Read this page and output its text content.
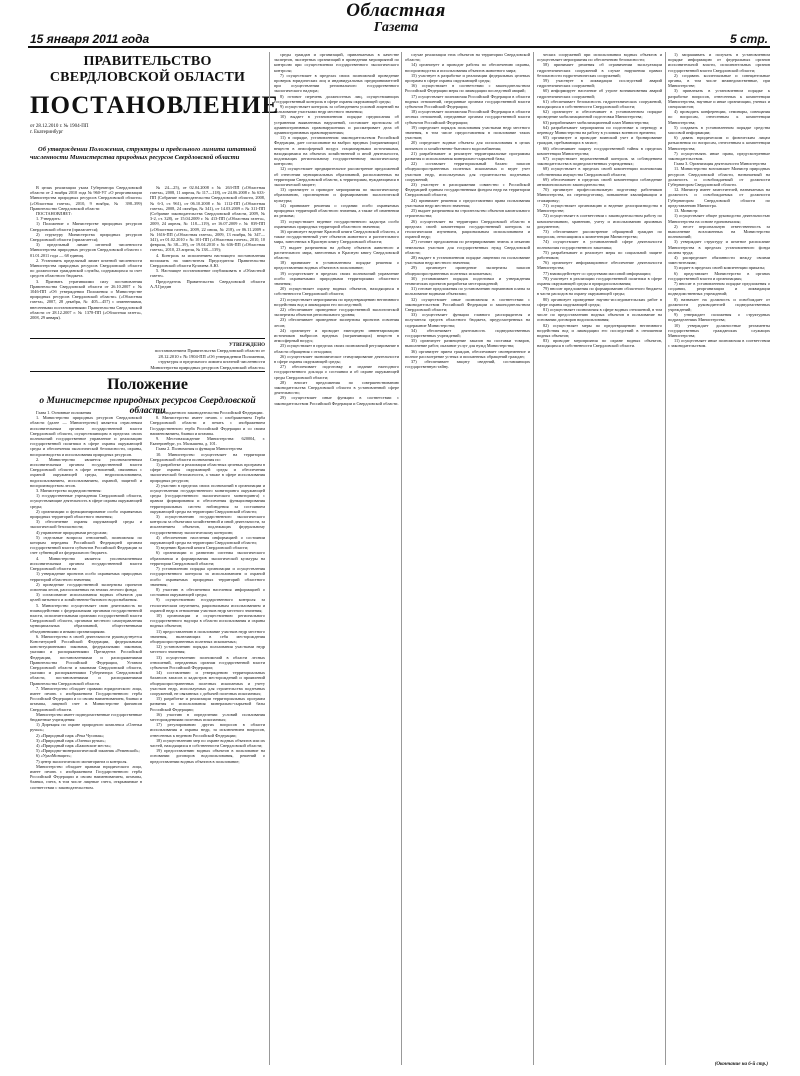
15 января 2011 года
Областная
Газета
5 стр.
ПРАВИТЕЛЬСТВО СВЕРДЛОВСКОЙ ОБЛАСТИ
ПОСТАНОВЛЕНИЕ
от 28.12.2010 г. № 1904-ПП
г. Екатеринбург
Об утверждении Положения, структуры и предельного лимита штатной численности Министерства природных ресурсов Свердловской области

В целях реализации указа Губернатора Свердловской области от 2 ноября 2010 года № 960-УГ «О реорганизации Министерства природных ресурсов Свердловской области» («Областная газета», 2010, 9 ноября, № 398–399) Правительство Свердловской области

ПОСТАНОВЛЯЕТ:

1. Утвердить:

1) Положение о Министерстве природных ресурсов Свердловской области (прилагается);

2) структуру Министерства природных ресурсов Свердловской области (прилагается);

3) предельный лимит штатной численности Министерства природных ресурсов Свердловской области с 01.01.2011 года — 68 единиц.

2. Установить предельный лимит штатной численности Министерства природных ресурсов Свердловской области по должностям гражданской службы, содержащихся за счет средств областного бюджета.

3. Признать утратившими силу постановления Правительства Свердловской области от 26.10.2007 г. № 1046-ПП «Об утверждении Положения о Министерстве природных ресурсов Свердловской области» («Областная газета», 2007, 28 декабря, № 405—457) с изменениями, внесенными постановлениями Правительства Свердловской области от 28.12.2007 г. № 1378-ПП («Областная газета», 2008, 29 января).

№ 24—25), от 02.04.2008 г. № 263-ПП («Областная газета», 2008, 11 апреля, № 117—118), от 24.06.2008 г. № 633-ПП (Собрание законодательства Свердловской области, 2008, № 6-3, ст. 961), от 06.10.2008 г. № 1112-ПП («Областная газета», 2008, 24 октября, № 341), от 14.03.2009 г. № 311-ПП (Собрание законодательства Свердловской области, 2009, № 3-2, ст. 328), от 15.04.2009 г. № 413-ПП («Областная газета», 2009, 24 апреля, № 118—119), от 16.07.2009 г. № 839-ПП («Областная газета», 2009, 22 июля, № 218), от 06.11.2009 г. № 1616-ПП («Областная газета», 2009, 13 ноября, № 347—341), от 01.02.2010 г. № 101-ПП («Областная газета», 2010, 10 февраля, № 38—39), от 19.04.2010 г. № 636-ПП («Областная газета», 2010, 23 апреля, № 138—139);

4. Контроль за исполнением настоящего постановления возложить на заместителя Председателя Правительства Свердловской области Кулачева А.Ю.

5. Настоящее постановление опубликовать в «Областной газете».

Председатель Правительства Свердловской области А.Л.Гредин

УТВЕРЖДЕНО
постановлением Правительства Свердловской области от 28.12.2010 г. № 1904-ПП «Об утверждении Положения, структуры и предельного лимита штатной численности Министерства природных ресурсов Свердловской области»
Положение
о Министерстве природных ресурсов Свердловской области

Глава 1. Основные положения

1. Министерство природных ресурсов Свердловской области (далее — Министерство) является отраслевым исполнительным органом государственной власти Свердловской области, осуществляющим в пределах своих полномочий государственное управление и реализацию государственной политики в сфере охраны окружающей среды и обеспечения экологической безопасности, охраны, воспроизводства и использования природных ресурсов.

2. Министерство является уполномоченным исполнительным органом государственной власти Свердловской области в сфере отношений, связанных с охраной окружающей среды, недропользованием, водопользованием, использованием, охраной, защитой и воспроизводством лесов.

3. Министерство подведомственны:

1) государственные учреждения Свердловской области, осуществляющие деятельность в сфере охраны окружающей среды;

2) организации и функционирование особо охраняемых природных территорий областного значения;

3) обеспечение охраны окружающей среды и экологической безопасности;

4) управление природными ресурсами;

5) отдельные вопросы отношений, полномочия по которым переданы Российской Федерацией органам государственной власти субъектов Российской Федерации за счет субвенций из федерального бюджета.

4. Министерство является уполномоченным исполнительным органом государственной власти Свердловской области на:

1) утверждение проектов особо охраняемых природных территорий областного значения;

2) проведение государственной экспертизы проектов освоения лесов, расположенных на землях лесного фонда;

3) согласование использования водных объектов для целей питьевого и хозяйственно-бытового водоснабжения.

5. Министерство осуществляет свою деятельность во взаимодействии с федеральными органами государственной власти, исполнительными органами государственной власти Свердловской области, органами местного самоуправления муниципальных образований, общественными объединениями и иными организациями.

6. Министерство в своей деятельности руководствуется Конституцией Российской Федерации, федеральными конституционными законами, федеральными законами, указами и распоряжениями Президента Российской Федерации, постановлениями и распоряжениями Правительства Российской Федерации, Уставом Свердловской области и законами Свердловской области, указами и распоряжениями Губернатора Свердловской области, постановлениями и распоряжениями Правительства Свердловской области.

7. Министерство обладает правами юридического лица, имеет печать с изображением Государственного герба Российской Федерации и со своим наименованием, бланки и штампы, лицевой счет в Министерстве финансов Свердловской области.

Министерство имеет подведомственные государственные бюджетные учреждения:

1) Дирекция по охране природного комплекса «Оленьи ручьи»;

2) «Природный парк «Река Чусовая»;

3) «Природный парк «Оленьи ручьи»;

4) «Природный парк «Бажовские места»;

5) «Природно-минералогический заказник «Режевской»;

6) «УралМонацит»;

7) центр экологического мониторинга и контроля.

Министерство обладает правами юридического лица, имеет печать с изображением Государственного герба Российской Федерации и своим наименованием, штампы, бланки, счета, в том числе лицевые счета, открываемые в соответствии с законодательством.

нии бюджетного законодательства Российской Федерации.

8. Министерство имеет печать с изображением Герба Свердловской области и печать с изображением Государственного герба Российской Федерации и со своим наименованием, бланки и штампы.

9. Местонахождение Министерства: 620004, г. Екатеринбург, ул. Малышева, д. 101.

Глава 2. Полномочия и функции Министерства

10. Министерство осуществляет на территории Свердловской области полномочия по:

1) разработке и реализации областных целевых программ в сфере охраны окружающей среды и обеспечения экологической безопасности, а также в сфере использования природных ресурсов;

2) участию в пределах своих полномочий в организации и осуществлении государственного мониторинга окружающей среды (государственного экологического мониторинга) с правом формирования и обеспечения функционирования территориальных систем наблюдения за состоянием окружающей среды на территории Свердловской области;

3) осуществлению государственного экологического контроля за объектами хозяйственной и иной деятельности, за исключением объектов, подлежащих федеральному государственному экологическому контролю;

4) обеспечению населения информацией о состоянии окружающей среды на территории Свердловской области;

5) ведению Красной книги Свердловской области;

6) организации и развитию системы экологического образования и формирования экологической культуры на территории Свердловской области;

7) установлению порядка организации и осуществления государственного контроля за использованием и охраной особо охраняемых природных территорий областного значения;

8) участию в обеспечении населения информацией о состоянии окружающей среды;

9) осуществлению государственного контроля за геологическим изучением, рациональным использованием и охраной недр в отношении участков недр местного значения;

10) организации и осуществлению регионального государственного надзора в области использования и охраны водных объектов;

11) предоставлению в пользование участков недр местного значения, включающих в себя месторождения общераспространенных полезных ископаемых;

12) установлению порядка пользования участками недр местного значения;

13) осуществлению полномочий в области лесных отношений, переданных органам государственной власти субъектов Российской Федерации;

14) составлению и утверждению территориальных балансов запасов и кадастров месторождений и проявлений общераспространенных полезных ископаемых и учету участков недр, используемых для строительства подземных сооружений, не связанных с добычей полезных ископаемых;

15) разработке и реализации территориальных программ развития и использования минерально-сырьевой базы Российской Федерации;

16) участию в определении условий пользования месторождениями полезных ископаемых;

17) регулированию других вопросов в области использования и охраны недр, за исключением вопросов, отнесенных к ведению Российской Федерации;

18) осуществлению мер по охране водных объектов или их частей, находящихся в собственности Свердловской области;

19) предоставлению водных объектов в пользование на основании договоров водопользования, решений о предоставлении водных объектов в пользование;

среды граждан и организаций, привлекаемых в качестве экспертов, экспертных организаций в проведении мероприятий по контролю при осуществлении государственного экологического контроля;

7) осуществляет в пределах своих полномочий проведение проверок юридических лиц и индивидуальных предпринимателей при осуществлении регионального государственного экологического надзора;

8) готовит перечень должностных лиц, осуществляющих государственный контроль в сфере охраны окружающей среды;

9) осуществляет контроль за соблюдением условий лицензий на пользование участками недр местного значения;

10) выдает в установленном порядке предписания об устранении выявленных нарушений, составляет протоколы об административных правонарушениях и рассматривает дела об административных правонарушениях;

11) в порядке, установленном законодательством Российской Федерации, дает согласование на выброс вредных (загрязняющих) веществ в атмосферный воздух стационарными источниками, находящимися на объектах хозяйственной и иной деятельности, подлежащих региональному государственному экологическому контролю;

12) осуществляет предварительное рассмотрение предложений об отнесении муниципальных образований, расположенных на территории Свердловской области, к территориям, нуждающимся в экологической защите;

13) организует и проводит мероприятия по экологическому образованию, просвещению и формированию экологической культуры;

14) принимает решения о создании особо охраняемых природных территорий областного значения, а также об изменении их режима;

15) осуществляет ведение государственного кадастра особо охраняемых природных территорий областного значения;

16) организует ведение Красной книги Свердловской области, а также государственный учет объектов животного и растительного мира, занесенных в Красную книгу Свердловской области;

17) выдает разрешения на добычу объектов животного и растительного мира, занесенных в Красную книгу Свердловской области;

18) принимает в установленном порядке решения о предоставлении водных объектов в пользование;

19) осуществляет в пределах своих полномочий управление особо охраняемыми природными территориями областного значения;

20) осуществляет охрану водных объектов, находящихся в собственности Свердловской области;

21) осуществляет мероприятия по предотвращению негативного воздействия вод и ликвидации его последствий;

22) обеспечивает проведение государственной экологической экспертизы объектов регионального уровня;

23) обеспечивает проведение экспертизы проектов освоения лесов;

24) организует и проводит ежегодную инвентаризацию источников выбросов вредных (загрязняющих) веществ в атмосферный воздух;

25) осуществляет в пределах своих полномочий регулирование в области обращения с отходами;

26) осуществляет экономическое стимулирование деятельности в сфере охраны окружающей среды;

27) обеспечивает подготовку и издание ежегодного государственного доклада о состоянии и об охране окружающей среды Свердловской области;

28) вносит предложения по совершенствованию законодательства Свердловской области в установленной сфере деятельности;

29) осуществляет иные функции в соответствии с законодательством Российской Федерации и Свердловской области.

случае реализации этих объектов на территории Свердловской области;

14) организует и проводит работы по обеспечению охраны, воспроизводства и использования объектов животного мира;

15) участвует в разработке и реализации федеральных целевых программ в сфере охраны окружающей среды;

16) осуществляет в соответствии с законодательством Российской Федерации меры по ликвидации последствий аварий;

17) осуществляет полномочия Российской Федерации в области водных отношений, переданные органам государственной власти субъектов Российской Федерации;

18) осуществляет полномочия Российской Федерации в области лесных отношений, переданные органам государственной власти субъектов Российской Федерации;

19) определяет порядок пользования участками недр местного значения, в том числе предоставления в пользование таких участков;

20) определяет водные объекты для использования в целях питьевого и хозяйственно-бытового водоснабжения;

21) разрабатывает и реализует территориальные программы развития и использования минерально-сырьевой базы;

22) составляет территориальный баланс запасов общераспространенных полезных ископаемых и ведет учет участков недр, используемых для строительства подземных сооружений;

23) участвует в распоряжении совместно с Российской Федерацией единым государственным фондом недр на территории Свердловской области;

24) принимает решения о предоставлении права пользования участками недр местного значения;

25) выдает разрешения на строительство объектов капитального строительства;

26) осуществляет на территории Свердловской области в пределах своей компетенции государственный контроль за геологическим изучением, рациональным использованием и охраной недр;

27) готовит предложения по резервированию земель и изъятию земельных участков для государственных нужд Свердловской области;

28) выдает в установленном порядке лицензии на пользование участками недр местного значения;

29) организует проведение экспертизы запасов общераспространенных полезных ископаемых;

30) устанавливает порядок подготовки и утверждения технических проектов разработки месторождений;

31) готовит предложения по установлению нормативов платы за пользование водными объектами;

32) осуществляет иные полномочия в соответствии с законодательством Российской Федерации и законодательством Свердловской области;

33) осуществляет функции главного распорядителя и получателя средств областного бюджета, предусмотренных на содержание Министерства;

34) обеспечивает деятельность подведомственных государственных учреждений;

35) организует размещение заказов на поставки товаров, выполнение работ, оказание услуг для нужд Министерства;

36) организует прием граждан, обеспечивает своевременное и полное рассмотрение устных и письменных обращений граждан;

37) обеспечивает защиту сведений, составляющих государственную тайну.

ческих сооружений при использовании водных объектов и осуществляет мероприятия по обеспечению безопасности;

58) принимает решения об ограничении эксплуатации гидротехнических сооружений в случае нарушения правил безопасности гидротехнических сооружений;

59) участвует в ликвидации последствий аварий гидротехнических сооружений;

60) информирует население об угрозе возникновения аварий гидротехнических сооружений;

61) обеспечивает безопасность гидротехнических сооружений, находящихся в собственности Свердловской области;

62) организует и обеспечивает в установленном порядке проведение мобилизационной подготовки Министерства;

63) разрабатывает мобилизационный план Министерства;

64) разрабатывает мероприятия по подготовке к переводу и переводу Министерства на работу в условиях военного времени;

65) организует и проводит воинский учет и бронирование граждан, пребывающих в запасе;

66) обеспечивает защиту государственной тайны в пределах компетенции Министерства;

67) осуществляет ведомственный контроль за соблюдением законодательства в подведомственных учреждениях;

68) осуществляет в пределах своей компетенции полномочия собственника имущества Свердловской области;

69) обеспечивает в пределах своей компетенции соблюдение антимонопольного законодательства;

70) организует профессиональную подготовку работников Министерства, их переподготовку, повышение квалификации и стажировку;

71) осуществляет организацию и ведение делопроизводства в Министерстве;

72) осуществляет в соответствии с законодательством работу по комплектованию, хранению, учету и использованию архивных документов;

73) обеспечивает рассмотрение обращений граждан по вопросам, относящимся к компетенции Министерства;

74) осуществляет в установленной сфере деятельности полномочия государственного заказчика;

75) разрабатывает и реализует меры по социальной защите работников;

76) организует информационное обеспечение деятельности Министерства;

77) взаимодействует со средствами массовой информации;

78) участвует в реализации государственной политики в сфере охраны окружающей среды и природопользования;

79) вносит предложения по формированию областного бюджета в части расходов на охрану окружающей среды;

80) организует проведение научно-исследовательских работ в сфере охраны окружающей среды;

81) осуществляет полномочия в сфере водных отношений, в том числе по предоставлению водных объектов в пользование на основании договоров водопользования;

82) осуществляет меры по предотвращению негативного воздействия вод и ликвидации его последствий в отношении водных объектов;

83) проводит мероприятия по охране водных объектов, находящихся в собственности Свердловской области.

1) запрашивать и получать в установленном порядке информацию от федеральных органов исполнительной власти, исполнительных органов государственной власти Свердловской области;

2) создавать коллегиальные и совещательные органы, в том числе межведомственные, при Министерстве;

3) привлекать в установленном порядке к разработке вопросов, отнесенных к компетенции Министерства, научные и иные организации, ученых и специалистов;

4) проводить конференции, семинары, совещания по вопросам, отнесенным к компетенции Министерства;

5) создавать в установленном порядке средства массовой информации;

6) давать юридическим и физическим лицам разъяснения по вопросам, отнесенным к компетенции Министерства;

7) осуществлять иные права, предусмотренные законодательством.

Глава 3. Организация деятельности Министерства

11. Министерство возглавляет Министр природных ресурсов Свердловской области, назначаемый на должность и освобождаемый от должности Губернатором Свердловской области.

12. Министр имеет заместителей, назначаемых на должность и освобождаемых от должности Губернатором Свердловской области по представлению Министра.

13. Министр:

1) осуществляет общее руководство деятельностью Министерства на основе единоначалия;

2) несет персональную ответственность за выполнение возложенных на Министерство полномочий;

3) утверждает структуру и штатное расписание Министерства в пределах установленного фонда оплаты труда;

4) распределяет обязанности между своими заместителями;

5) издает в пределах своей компетенции приказы;

6) представляет Министерство в органах государственной власти и организациях;

7) вносит в установленном порядке предложения о создании, реорганизации и ликвидации подведомственных учреждений;

8) назначает на должность и освобождает от должности руководителей подведомственных учреждений;

9) утверждает положения о структурных подразделениях Министерства;

10) утверждает должностные регламенты государственных гражданских служащих Министерства;

11) осуществляет иные полномочия в соответствии с законодательством.

(Окончание на 6-й стр.)
